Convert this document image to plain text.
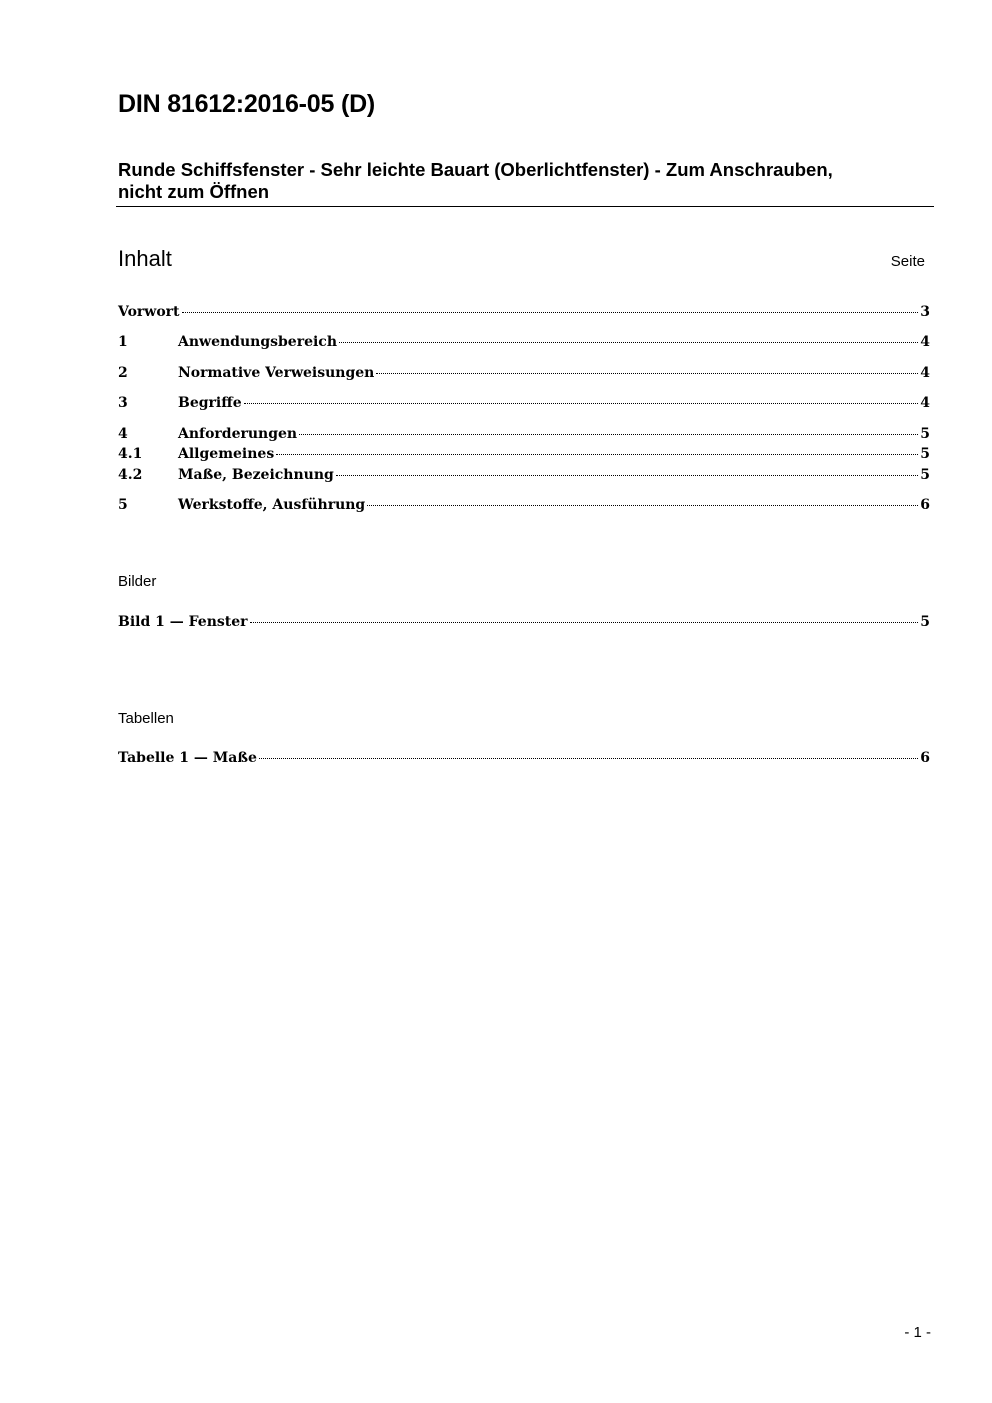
DIN 81612:2016-05 (D)
Runde Schiffsfenster - Sehr leichte Bauart (Oberlichtfenster) - Zum Anschrauben,
nicht zum Öffnen
Inhalt	Seite
Vorwort	3
1	Anwendungsbereich	4
2	Normative Verweisungen	4
3	Begriffe	4
4	Anforderungen	5
4.1	Allgemeines	5
4.2	Maße, Bezeichnung	5
5	Werkstoffe, Ausführung	6
Bilder
Bild 1 — Fenster	5
Tabellen
Tabelle 1 — Maße	6
- 1 -
